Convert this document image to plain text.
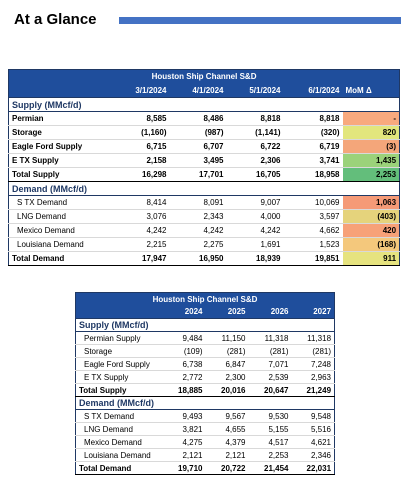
At a Glance
Houston Ship Channel S&D					
	3/1/2024	4/1/2024	5/1/2024	6/1/2024	MoM Δ
Supply (MMcf/d)					
Permian	8,585	8,486	8,818	8,818	-
Storage	(1,160)	(987)	(1,141)	(320)	820
Eagle Ford Supply	6,715	6,707	6,722	6,719	(3)
E TX Supply	2,158	3,495	2,306	3,741	1,435
Total Supply	16,298	17,701	16,705	18,958	2,253
Demand (MMcf/d)					
S TX Demand	8,414	8,091	9,007	10,069	1,063
LNG Demand	3,076	2,343	4,000	3,597	(403)
Mexico Demand	4,242	4,242	4,242	4,662	420
Louisiana Demand	2,215	2,275	1,691	1,523	(168)
Total Demand	17,947	16,950	18,939	19,851	911
Houston Ship Channel S&D				
	2024	2025	2026	2027
Supply (MMcf/d)				
Permian Supply	9,484	11,150	11,318	11,318
Storage	(109)	(281)	(281)	(281)
Eagle Ford Supply	6,738	6,847	7,071	7,248
E TX Supply	2,772	2,300	2,539	2,963
Total Supply	18,885	20,016	20,647	21,249
Demand (MMcf/d)				
S TX Demand	9,493	9,567	9,530	9,548
LNG Demand	3,821	4,655	5,155	5,516
Mexico Demand	4,275	4,379	4,517	4,621
Louisiana Demand	2,121	2,121	2,253	2,346
Total Demand	19,710	20,722	21,454	22,031
